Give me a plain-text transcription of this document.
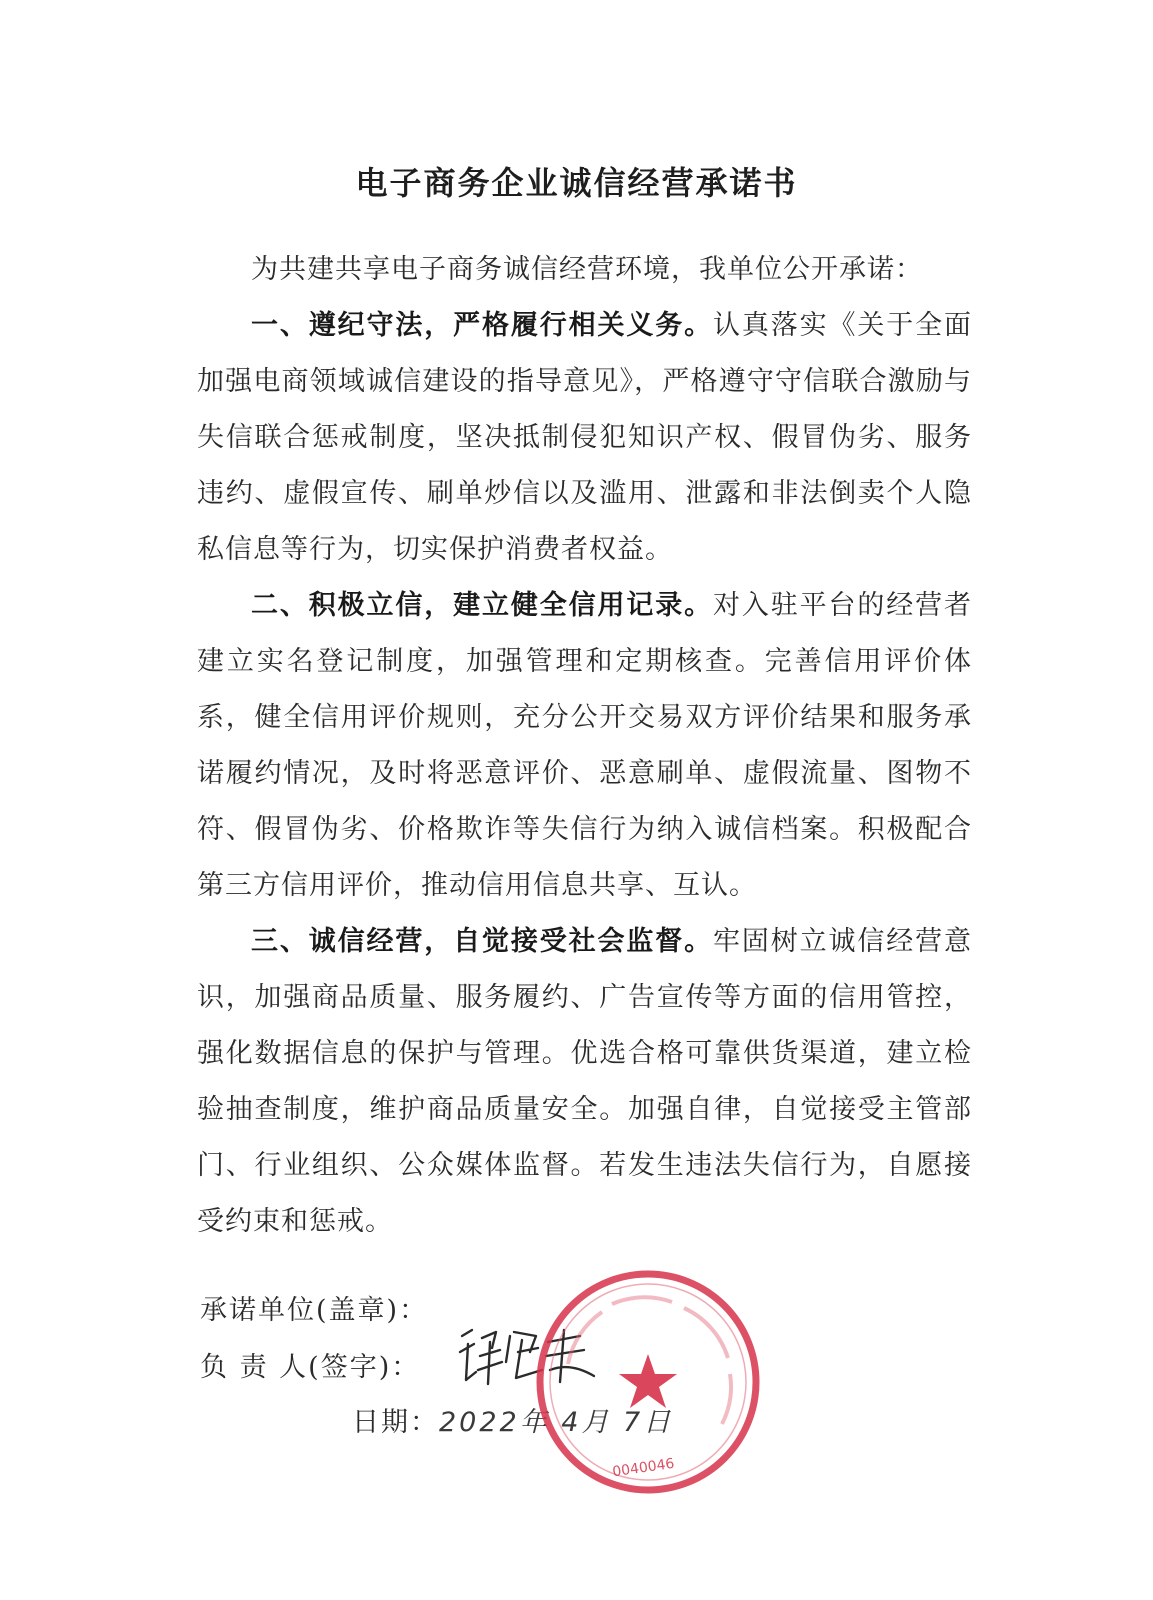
电子商务企业诚信经营承诺书

为共建共享电子商务诚信经营环境，我单位公开承诺：

一、遵纪守法，严格履行相关义务。认真落实《关于全面加强电商领域诚信建设的指导意见》，严格遵守守信联合激励与失信联合惩戒制度，坚决抵制侵犯知识产权、假冒伪劣、服务违约、虚假宣传、刷单炒信以及滥用、泄露和非法倒卖个人隐私信息等行为，切实保护消费者权益。

二、积极立信，建立健全信用记录。对入驻平台的经营者建立实名登记制度，加强管理和定期核查。完善信用评价体系，健全信用评价规则，充分公开交易双方评价结果和服务承诺履约情况，及时将恶意评价、恶意刷单、虚假流量、图物不符、假冒伪劣、价格欺诈等失信行为纳入诚信档案。积极配合第三方信用评价，推动信用信息共享、互认。

三、诚信经营，自觉接受社会监督。牢固树立诚信经营意识，加强商品质量、服务履约、广告宣传等方面的信用管控，强化数据信息的保护与管理。优选合格可靠供货渠道，建立检验抽查制度，维护商品质量安全。加强自律，自觉接受主管部门、行业组织、公众媒体监督。若发生违法失信行为，自愿接受约束和惩戒。

承诺单位(盖章)：
负 责 人(签字)：
日期：2022年 4月 7日
0040046
